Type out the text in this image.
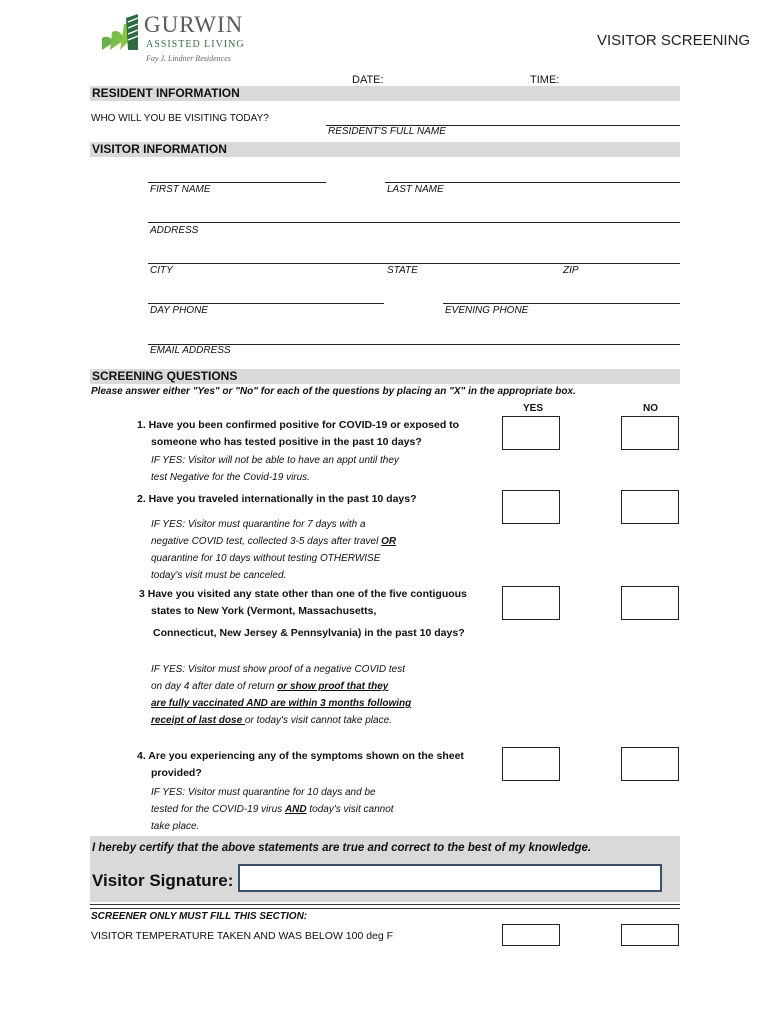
GURWIN
ASSISTED LIVING
Fay J. Lindner Residences
VISITOR SCREENING
DATE:	TIME:
RESIDENT INFORMATION
WHO WILL YOU BE VISITING TODAY?
RESIDENT'S FULL NAME
VISITOR INFORMATION
FIRST NAME	LAST NAME
ADDRESS
CITY	STATE	ZIP
DAY PHONE	EVENING PHONE
EMAIL ADDRESS
SCREENING QUESTIONS
Please answer either "Yes" or "No" for each of the questions by placing an "X" in the appropriate box.
YES	NO
1. Have you been confirmed positive for COVID-19 or exposed to
someone who has tested positive in the past 10 days?
IF YES: Visitor will not be able to have an appt until they
test Negative for the Covid-19 virus.
2. Have you traveled internationally in the past 10 days?
IF YES: Visitor must quarantine for 7 days with a
negative COVID test, collected 3-5 days after travel OR
quarantine for 10 days without testing OTHERWISE
today's visit must be canceled.
3 Have you visited any state other than one of the five contiguous
states to New York (Vermont, Massachusetts,
Connecticut, New Jersey & Pennsylvania) in the past 10 days?
IF YES: Visitor must show proof of a negative COVID test
on day 4 after date of return or show proof that they
are fully vaccinated AND are within 3 months following
receipt of last dose or today's visit cannot take place.
4. Are you experiencing any of the symptoms shown on the sheet
provided?
IF YES: Visitor must quarantine for 10 days and be
tested for the COVID-19 virus AND today's visit cannot
take place.
I hereby certify that the above statements are true and correct to the best of my knowledge.
Visitor Signature:
SCREENER ONLY MUST FILL THIS SECTION:
VISITOR TEMPERATURE TAKEN AND WAS BELOW 100 deg F
